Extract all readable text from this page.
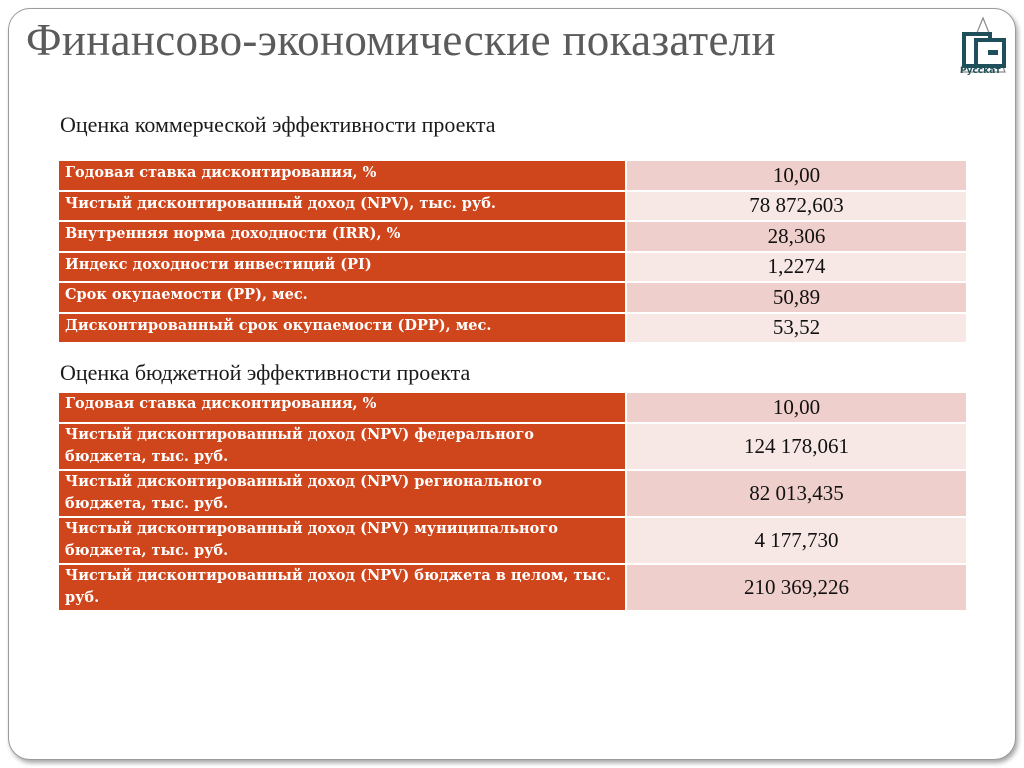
Финансово-экономические показатели
Русскат
Оценка коммерческой эффективности проекта
Годовая ставка дисконтирования, %	10,00
Чистый дисконтированный доход (NPV), тыс. руб.	78 872,603
Внутренняя норма доходности (IRR), %	28,306
Индекс доходности инвестиций (PI)	1,2274
Срок окупаемости (PP), мес.	50,89
Дисконтированный срок окупаемости (DPP), мес.	53,52
Оценка бюджетной эффективности проекта
Годовая ставка дисконтирования, %	10,00
Чистый дисконтированный доход (NPV) федерального бюджета, тыс. руб.	124 178,061
Чистый дисконтированный доход (NPV) регионального бюджета, тыс. руб.	82 013,435
Чистый дисконтированный доход (NPV) муниципального бюджета, тыс. руб.	4 177,730
Чистый дисконтированный доход (NPV) бюджета в целом, тыс. руб.	210 369,226
